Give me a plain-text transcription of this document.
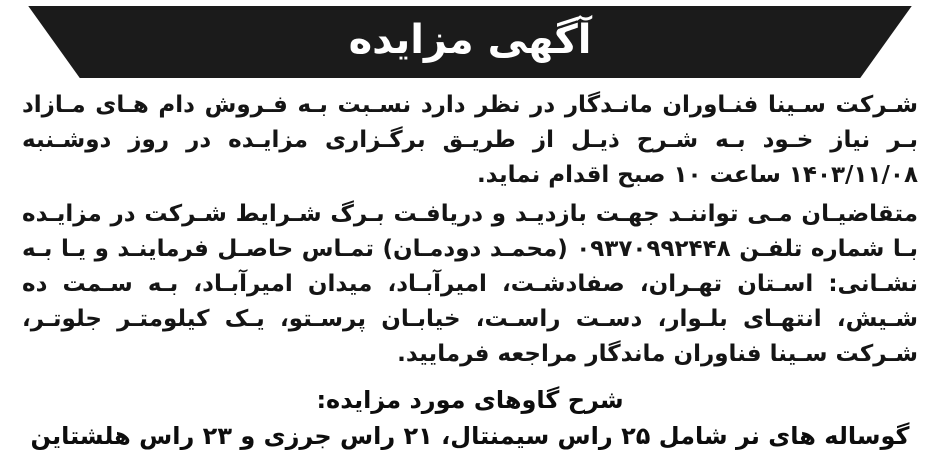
آگهی مزایده

شـرکت سـینا فنـاوران مانـدگار در نظر دارد نسـبت بـه فـروش دام هـای مـازاد بـر نیاز خـود بـه شـرح ذیـل از طریـق برگـزاری مزایـده در روز دوشـنبه ۱۴۰۳/۱۱/۰۸ ساعت ۱۰ صبح اقدام نماید.

متقاضیـان مـی تواننـد جهـت بازدیـد و دریافـت بـرگ شـرایط شـرکت در مزایـده بـا شماره تلفـن ۰۹۳۷۰۹۹۲۴۴۸ (محمـد دودمـان) تمـاس حاصـل فرماینـد و یـا بـه نشـانی: اسـتان تهـران، صفادشـت، امیرآبـاد، میدان امیرآبـاد، بـه سـمت ده شـیش، انتهـای بلـوار، دسـت راسـت، خیابـان پرسـتو، یـک کیلومتـر جلوتـر، شـرکت سـینا فناوران ماندگار مراجعه فرمایید.

شرح گاوهای مورد مزایده:

گوساله های نر شامل ۲۵ راس سیمنتال، ۲۱ راس جرزی و ۲۳ راس هلشتاین
